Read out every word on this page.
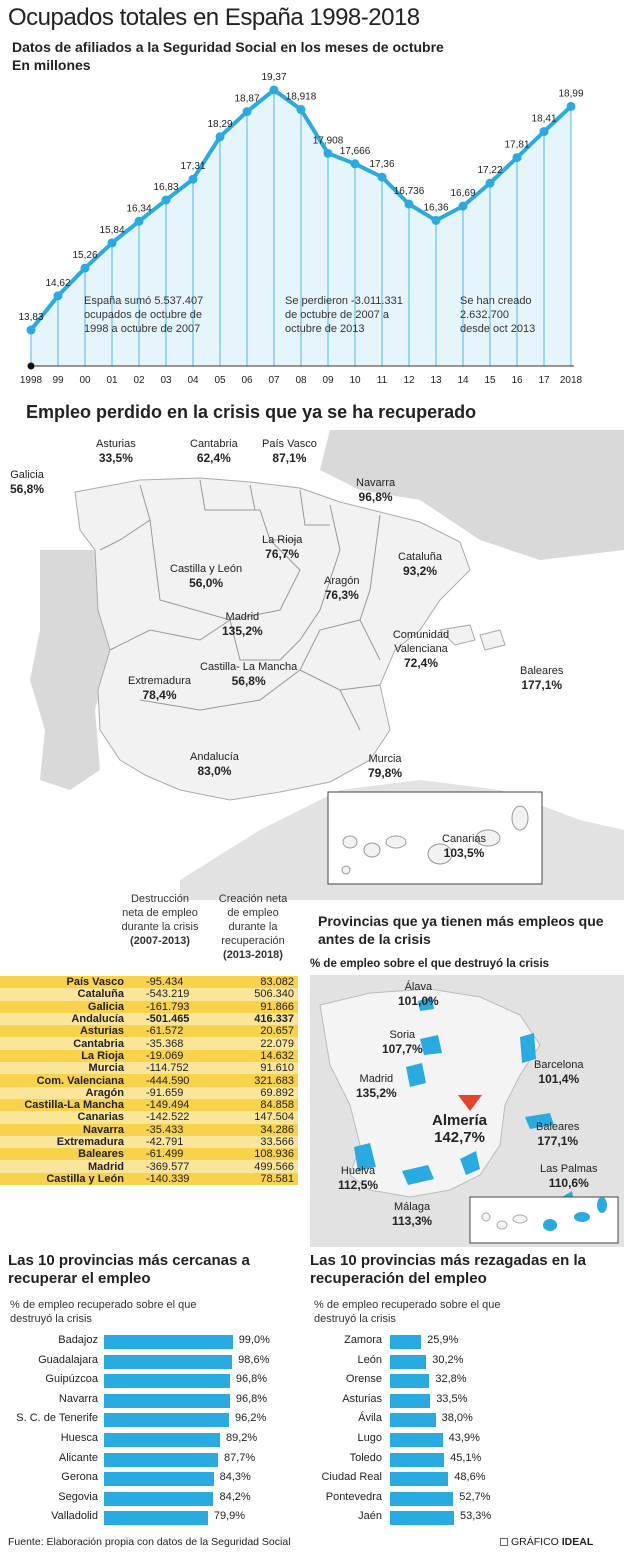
Ocupados totales en España 1998-2018
Datos de afiliados a la Seguridad Social en los meses de octubre
En millones
13,83
1998
14,62
99
15,26
00
15,84
01
16,34
02
16,83
03
17,31
04
18,29
05
18,87
06
19,37
07
18,918
08
17,908
09
17,666
10
17,36
11
16,736
12
16,36
13
16,69
14
17,22
15
17,81
16
18,41
17
18,99
2018
España sumó 5.537.407
ocupados de octubre de
1998 a octubre de 2007
Se perdieron -3.011.331
de octubre de 2007 a
octubre de 2013
Se han creado
2.632.700
desde oct 2013
Empleo perdido en la crisis que ya se ha recuperado
Asturias
33,5%
Cantabria
62,4%
País Vasco
87,1%
Galicia
56,8%	Navarra
96,8%
La Rioja
76,7%
Castilla y León
56,0%
Cataluña
93,2%
Aragón
76,3%
Madrid
135,2%	Comunidad Valenciana
72,4%
Extremadura
78,4%
Castilla- La Mancha
56,8%
Baleares
177,1%
Andalucía
83,0%
Murcia
79,8%
Canarias
103,5%
Destrucción
neta de empleo
durante la crisis
(2007-2013)
Creación neta
de empleo
durante la
recuperación
(2013-2018)
País Vasco	-95.434	83.082
Cataluña	-543.219	506.340
Galicia	-161.793	91.866
Andalucía	-501.465	416.337
Asturias	-61.572	20.657
Cantabria	-35.368	22.079
La Rioja	-19.069	14.632
Murcia	-114.752	91.610
Com. Valenciana	-444.590	321.683
Aragón	-91.659	69.892
Castilla-La Mancha	-149.494	84.858
Canarias	-142.522	147.504
Navarra	-35.433	34.286
Extremadura	-42.791	33.566
Baleares	-61.499	108.936
Madrid	-369.577	499.566
Castilla y León	-140.339	78.581
Provincias que ya tienen más empleos que antes de la crisis
% de empleo sobre el que destruyó la crisis
Álava
101,0%
Soria
107,7%
Madrid
135,2%
Almería
142,7%
Barcelona
101,4%
Baleares
177,1%
Las Palmas
110,6%
Huelva
112,5%
Málaga
113,3%
Las 10 provincias más cercanas a recuperar el empleo
% de empleo recuperado sobre el que destruyó la crisis
Badajoz	99,0%
Guadalajara	98,6%
Guipúzcoa	96,8%
Navarra	96,8%
S. C. de Tenerife	96,2%
Huesca	89,2%
Alicante	87,7%
Gerona	84,3%
Segovia	84,2%
Valladolid	79,9%
Las 10 provincias más rezagadas en la recuperación del empleo
% de empleo recuperado sobre el que destruyó la crisis
Zamora	25,9%
León	30,2%
Orense	32,8%
Asturias	33,5%
Ávila	38,0%
Lugo	43,9%
Toledo	45,1%
Ciudad Real	48,6%
Pontevedra	52,7%
Jaén	53,3%
Fuente: Elaboración propia con datos de la Seguridad Social	GRÁFICO IDEAL
